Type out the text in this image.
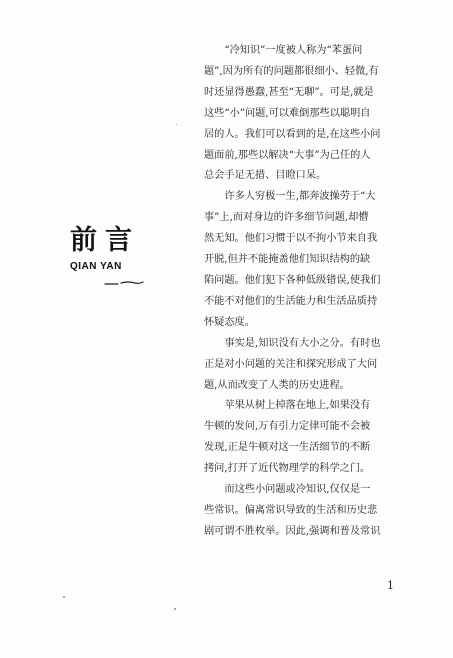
前言
QIAN YAN

“冷知识”一度被人称为“苯蛋问
题”,因为所有的问题都很细小、轻微,有
时还显得愚蠢,甚至“无聊”。可是,就是
这些“小”问题,可以难倒那些以聪明自
居的人。我们可以看到的是,在这些小问
题面前,那些以解决“大事”为己任的人
总会手足无措、目瞪口呆。

许多人穷极一生,都奔波操劳于“大
事”上,而对身边的许多细节问题,却懵
然无知。他们习惯于以不拘小节来自我
开脱,但并不能掩盖他们知识结构的缺
陷问题。他们犯下各种低级错误,使我们
不能不对他们的生活能力和生活品质持
怀疑态度。

事实是,知识没有大小之分。有时也
正是对小问题的关注和探究形成了大问
题,从而改变了人类的历史进程。

苹果从树上掉落在地上,如果没有
牛顿的发问,万有引力定律可能不会被
发现,正是牛顿对这一生活细节的不断
拷问,打开了近代物理学的科学之门。

而这些小问题或冷知识,仅仅是一
些常识。偏离常识导致的生活和历史悲
剧可谓不胜枚举。因此,强调和普及常识

1
